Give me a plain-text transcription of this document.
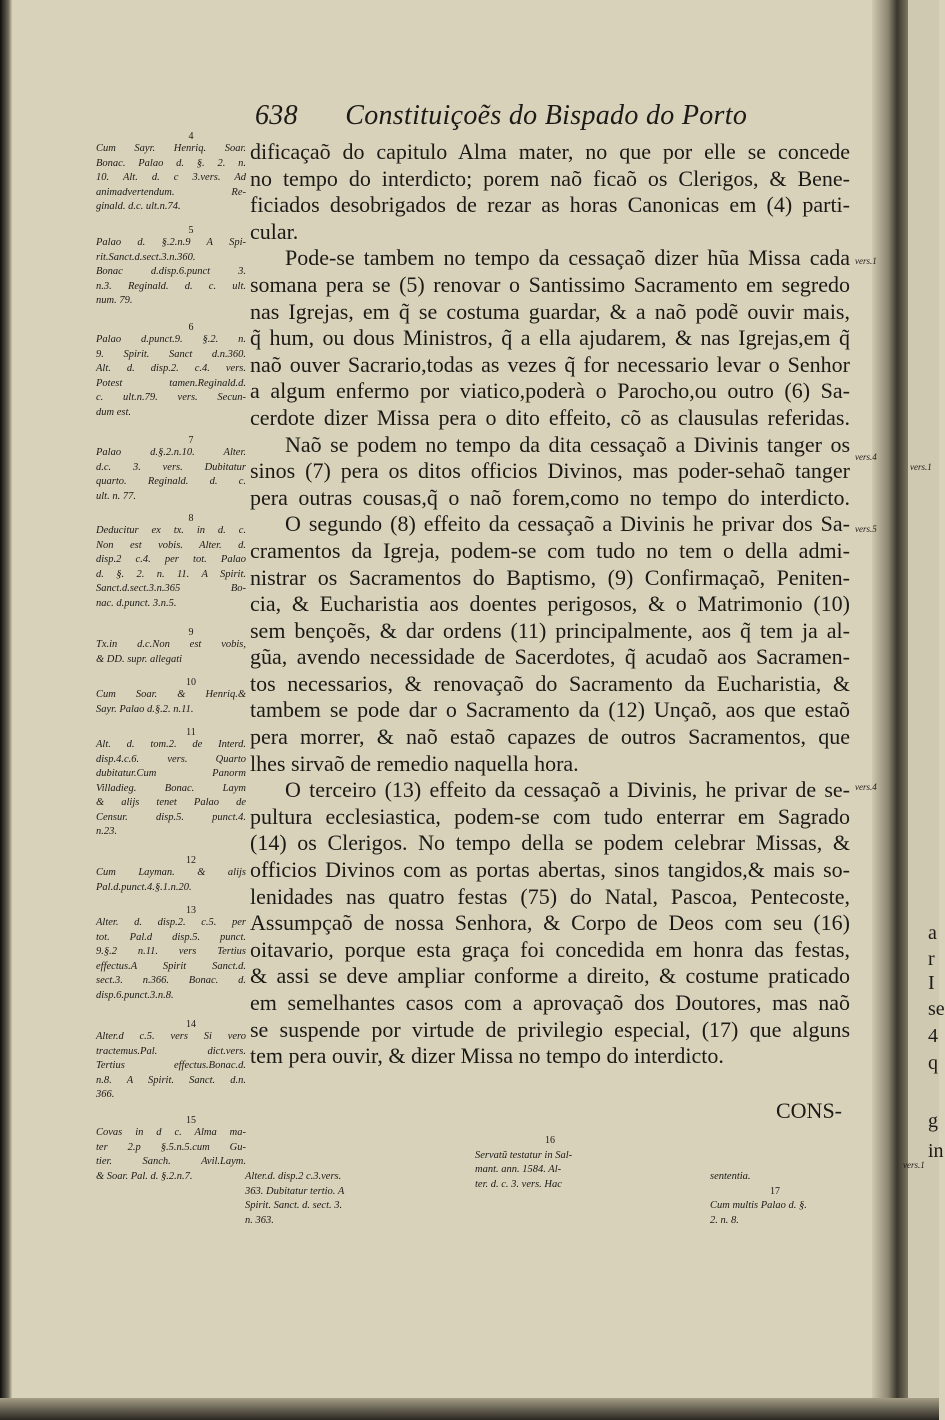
638 Constituiçoẽs do Bispado do Porto
dificaçaõ do capitulo Alma mater, no que por elle se concede
no tempo do interdicto; porem naõ ficaõ os Clerigos, & Bene-
ficiados desobrigados de rezar as horas Canonicas em (4) parti-
cular.
Pode-se tambem no tempo da cessaçaõ dizer hũa Missa cada
somana pera se (5) renovar o Santissimo Sacramento em segredo
nas Igrejas, em q̃ se costuma guardar, & a naõ podẽ ouvir mais,
q̃ hum, ou dous Ministros, q̃ a ella ajudarem, & nas Igrejas,em q̃
naõ ouver Sacrario,todas as vezes q̃ for necessario levar o Senhor
a algum enfermo por viatico,poderà o Parocho,ou outro (6) Sa-
cerdote dizer Missa pera o dito effeito, cõ as clausulas referidas.
Naõ se podem no tempo da dita cessaçaõ a Divinis tanger os
sinos (7) pera os ditos officios Divinos, mas poder-sehaõ tanger
pera outras cousas,q̃ o naõ forem,como no tempo do interdicto.
O segundo (8) effeito da cessaçaõ a Divinis he privar dos Sa-
cramentos da Igreja, podem-se com tudo no tem o della admi-
nistrar os Sacramentos do Baptismo, (9) Confirmaçaõ, Peniten-
cia, & Eucharistia aos doentes perigosos, & o Matrimonio (10)
sem bençoẽs, & dar ordens (11) principalmente, aos q̃ tem ja al-
gũa, avendo necessidade de Sacerdotes, q̃ acudaõ aos Sacramen-
tos necessarios, & renovaçaõ do Sacramento da Eucharistia, &
tambem se pode dar o Sacramento da (12) Unçaõ, aos que estaõ
pera morrer, & naõ estaõ capazes de outros Sacramentos, que
lhes sirvaõ de remedio naquella hora.
O terceiro (13) effeito da cessaçaõ a Divinis, he privar de se-
pultura ecclesiastica, podem-se com tudo enterrar em Sagrado
(14) os Clerigos. No tempo della se podem celebrar Missas, &
officios Divinos com as portas abertas, sinos tangidos,& mais so-
lenidades nas quatro festas (75) do Natal, Pascoa, Pentecoste,
Assumpçaõ de nossa Senhora, & Corpo de Deos com seu (16)
oitavario, porque esta graça foi concedida em honra das festas,
& assi se deve ampliar conforme a direito, & costume praticado
em semelhantes casos com a aprovaçaõ dos Doutores, mas naõ
se suspende por virtude de privilegio especial, (17) que alguns
tem pera ouvir, & dizer Missa no tempo do interdicto.
CONS-
4
Cum Sayr. Henriq. Soar.
Bonac. Palao d. §. 2. n.
10. Alt. d. c 3.vers. Ad
animadvertendum. Re-
ginald. d.c. ult.n.74.
5
Palao d. §.2.n.9 A Spi-
rit.Sanct.d.sect.3.n.360.
Bonac d.disp.6.punct 3.
n.3. Reginald. d. c. ult.
num. 79.
6
Palao d.punct.9. §.2. n.
9. Spirit. Sanct d.n.360.
Alt. d. disp.2. c.4. vers.
Potest tamen.Reginald.d.
c. ult.n.79. vers. Secun-
dum est.
7
Palao d.§.2.n.10. Alter.
d.c. 3. vers. Dubitatur
quarto. Reginald. d. c.
ult. n. 77.
8
Deducitur ex tx. in d. c.
Non est vobis. Alter. d.
disp.2 c.4. per tot. Palao
d. §. 2. n. 11. A Spirit.
Sanct.d.sect.3.n.365 Bo-
nac. d.punct. 3.n.5.
9
Tx.in d.c.Non est vobis,
& DD. supr. allegati
10
Cum Soar. & Henriq.&
Sayr. Palao d.§.2. n.11.
11
Alt. d. tom.2. de Interd.
disp.4.c.6. vers. Quarto
dubitatur.Cum Panorm
Villadieg. Bonac. Laym
& alijs tenet Palao de
Censur. disp.5. punct.4.
n.23.
12
Cum Layman. & alijs
Pal.d.punct.4.§.1.n.20.
13
Alter. d. disp.2. c.5. per
tot. Pal.d disp.5. punct.
9.§.2 n.11. vers Tertius
effectus.A Spirit Sanct.d.
sect.3. n.366. Bonac. d.
disp.6.punct.3.n.8.
14
Alter.d c.5. vers Si vero
tractemus.Pal. dict.vers.
Tertius effectus.Bonac.d.
n.8. A Spirit. Sanct. d.n.
366.
15
Covas in d c. Alma ma-
ter 2.p §.5.n.5.cum Gu-
tier. Sanch. Avil.Laym.
& Soar. Pal. d. §.2.n.7.	Alter.d. disp.2 c.3.vers.
363. Dubitatur tertio. A
Spirit. Sanct. d. sect. 3.
n. 363.
16
Servatũ testatur in Sal-
mant. ann. 1584. Al-
ter. d. c. 3. vers. Hac
sententia.
17
Cum multis Palao d. §.
2. n. 8.
vers.1
vers.4
vers.1
vers.5
vers.4
vers.1
a
r
I
se
4
q
g
in
